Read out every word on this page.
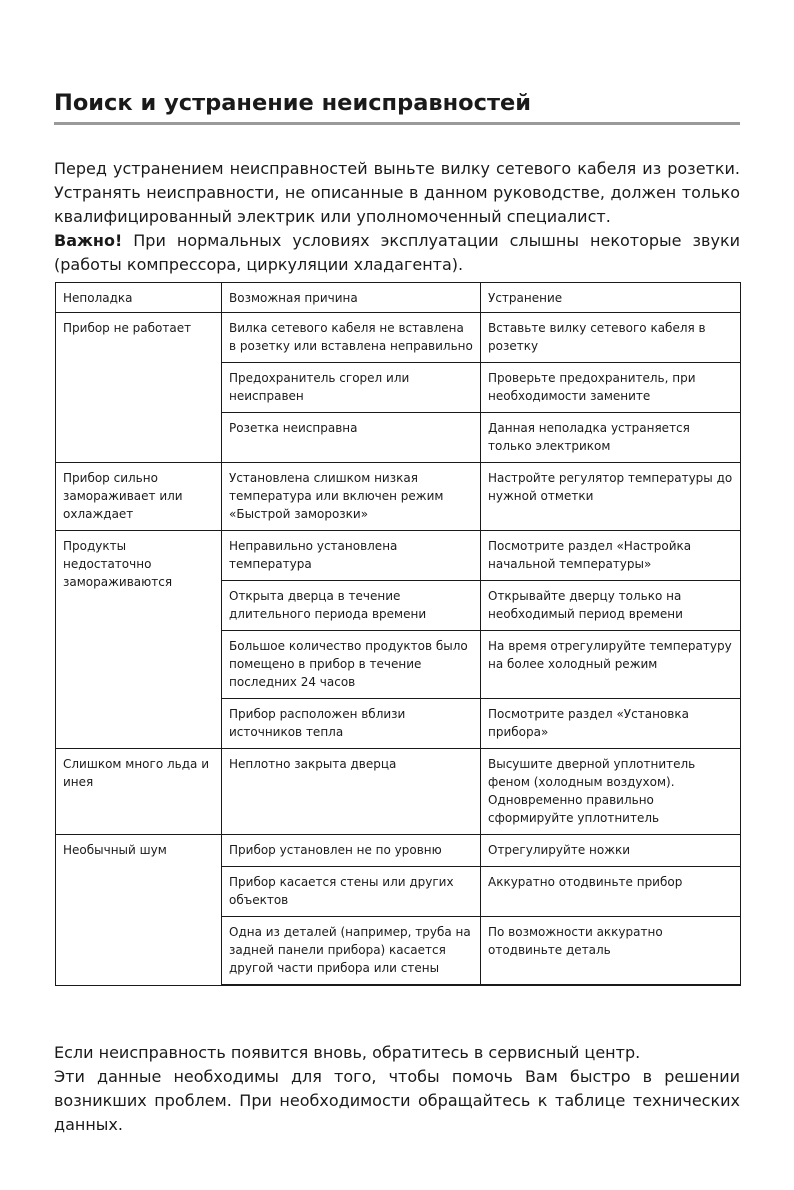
Поиск и устранение неисправностей

Перед устранением неисправностей выньте вилку сетевого кабеля из розетки. Устранять неисправности, не описанные в данном руководстве, должен только квалифицированный электрик или уполномоченный специалист.

Важно! При нормальных условиях эксплуатации слышны некоторые звуки (работы компрессора, циркуляции хладагента).

Неполадка	Возможная причина	Устранение
Прибор не работает	Вилка сетевого кабеля не вставлена в розетку или вставлена неправильно	Вставьте вилку сетевого кабеля в розетку
	Предохранитель сгорел или неисправен	Проверьте предохранитель, при необходимости замените
	Розетка неисправна	Данная неполадка устраняется только электриком
Прибор сильно замораживает или охлаждает	Установлена слишком низкая температура или включен режим «Быстрой заморозки»	Настройте регулятор температуры до нужной отметки
Продукты недостаточно замораживаются	Неправильно установлена температура	Посмотрите раздел «Настройка начальной температуры»
	Открыта дверца в течение длительного периода времени	Открывайте дверцу только на необходимый период времени
	Большое количество продуктов было помещено в прибор в течение последних 24 часов	На время отрегулируйте температуру на более холодный режим
	Прибор расположен вблизи источников тепла	Посмотрите раздел «Установка прибора»
Слишком много льда и инея	Неплотно закрыта дверца	Высушите дверной уплотнитель феном (холодным воздухом). Одновременно правильно сформируйте уплотнитель
Необычный шум	Прибор установлен не по уровню	Отрегулируйте ножки
	Прибор касается стены или других объектов	Аккуратно отодвиньте прибор
	Одна из деталей (например, труба на задней панели прибора) касается другой части прибора или стены	По возможности аккуратно отодвиньте деталь

Если неисправность появится вновь, обратитесь в сервисный центр.

Эти данные необходимы для того, чтобы помочь Вам быстро в решении возникших проблем. При необходимости обращайтесь к таблице технических данных.
